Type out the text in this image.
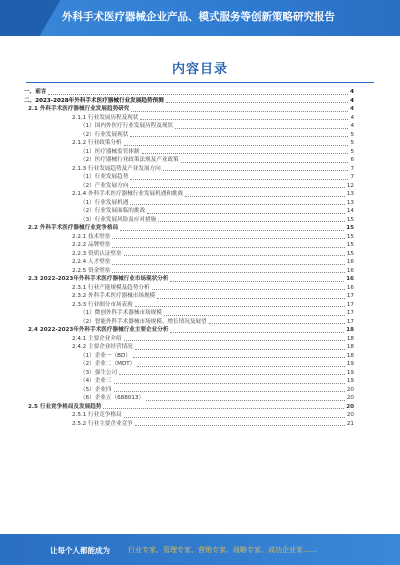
外科手术医疗器械企业产品、模式服务等创新策略研究报告
内容目录
一、前言	4
二、2023-2028年外科手术医疗器械行业发展趋势预测	4
2.1 外科手术医疗器械行业发展趋势研究	4
2.1.1 行业发展历程及现状	4
（1）国内外医疗行业发展历程及现状	4
（2）行业发展现状	5
2.1.2 行业政策分析	5
（1）医疗器械监管体制	5
（2）医疗器械行业政策法规及产业政策	6
2.1.3 行业发展趋势及产业发展方向	7
（1）行业发展趋势	7
（2）产业发展方向	12
2.1.4 外科手术医疗器械行业发展机遇和挑战	13
（1）行业发展机遇	13
（2）行业发展面临的挑战	14
（3）行业发展风险及应对措施	15
2.2 外科手术医疗器械行业竞争格局	15
2.2.1 技术壁垒	15
2.2.2 品牌壁垒	15
2.2.3 资质认证壁垒	15
2.2.4 人才壁垒	16
2.2.5 资金壁垒	16
2.3 2022-2023年外科手术医疗器械行业市场现状分析	16
2.3.1 行业产能规模及趋势分析	16
2.3.2 外科手术医疗器械市场规模	17
2.3.3 行业细分市场表现	17
（1）微创外科手术器械市场规模	17
（2）智能外科手术器械市场规模、增长情况及展望	17
2.4 2022-2023年外科手术医疗器械行业主要企业分析	18
2.4.1 主要企业介绍	18
2.4.2 主要企业经营情况	18
（1）企业一（BD）	18
（2）企业二（MDT）	19
（3）强生公司	19
（4）企业三	19
（5）企业四	20
（6）企业五（688013）	20
2.5 行业竞争格局及发展趋势	20
2.5.1 行业竞争格局	20
2.5.2 行业主要企业竞争	21
让每个人都能成为	行业专家、管理专家、营销专家、战略专家、成功企业家……
